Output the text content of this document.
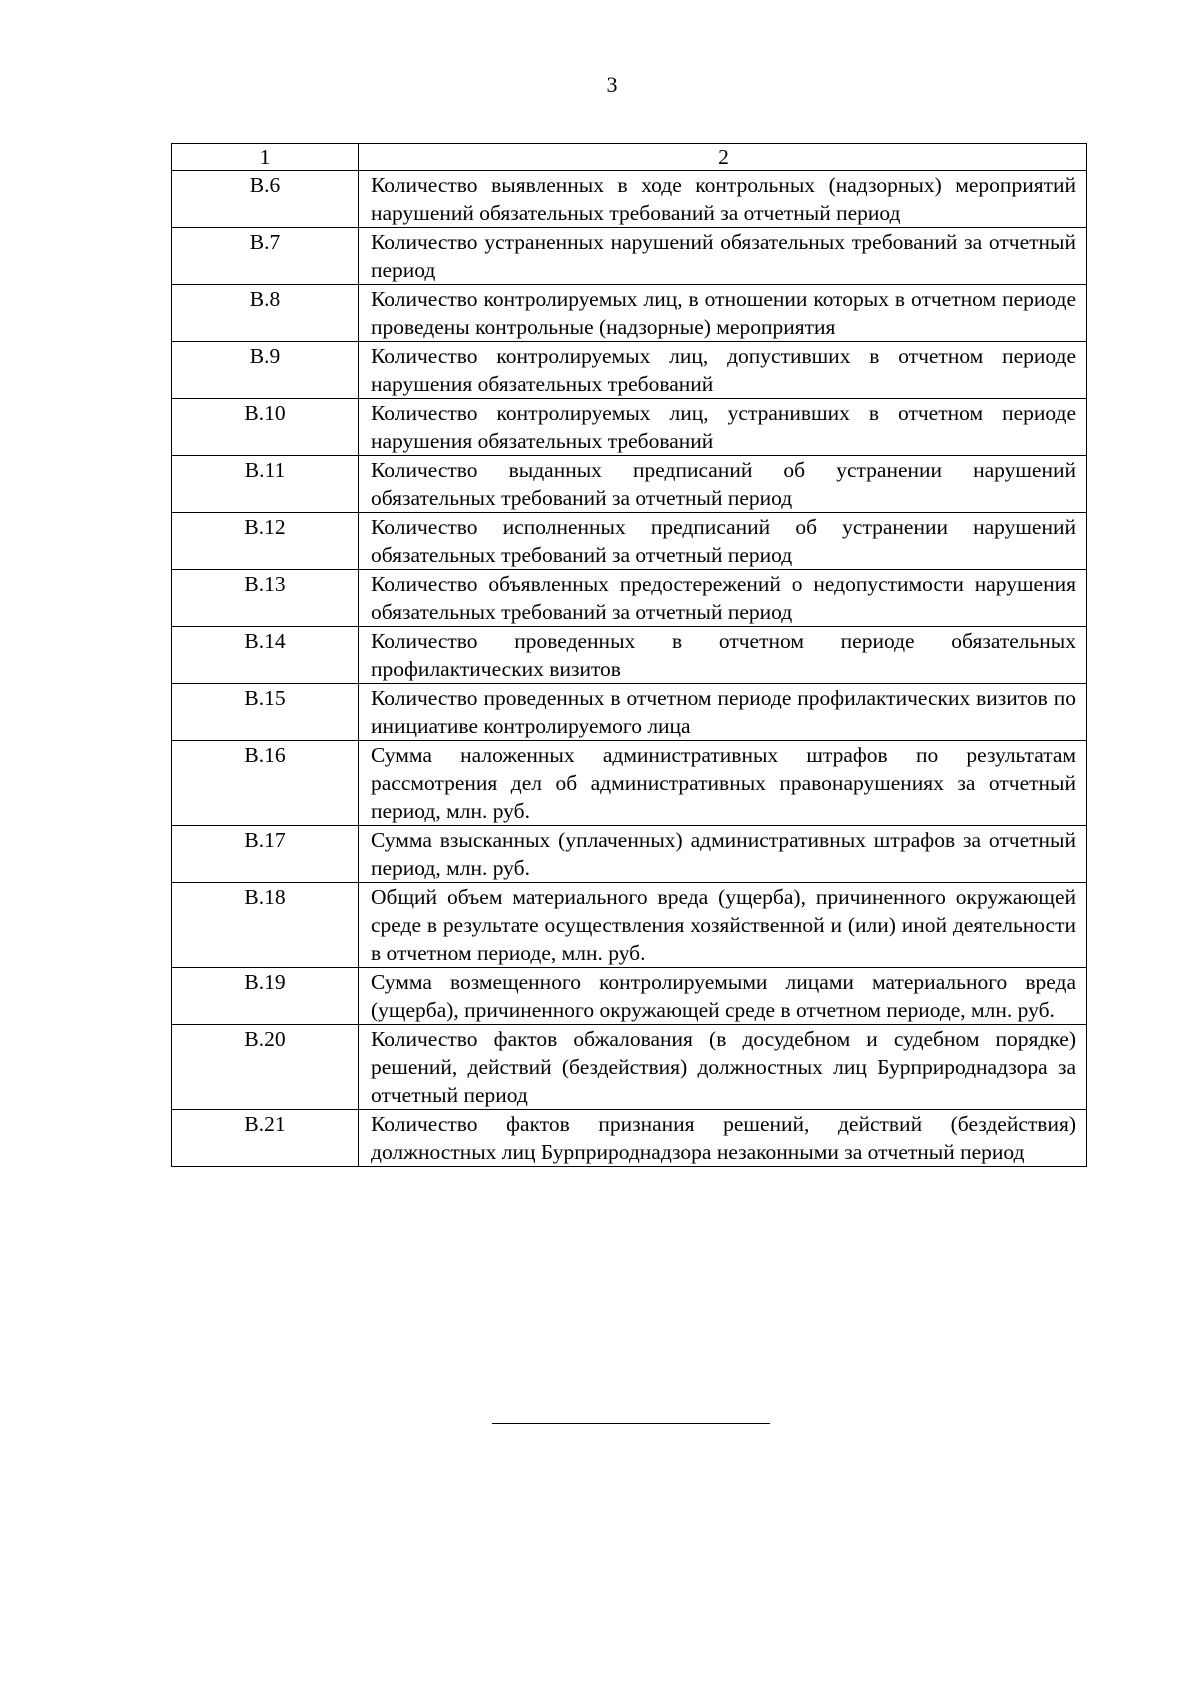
3
1	2
В.6	Количество выявленных в ходе контрольных (надзорных) мероприятий нарушений обязательных требований за отчетный период
В.7	Количество устраненных нарушений обязательных требований за отчетный период
В.8	Количество контролируемых лиц, в отношении которых в отчетном периоде проведены контрольные (надзорные) мероприятия
В.9	Количество контролируемых лиц, допустивших в отчетном периоде нарушения обязательных требований
В.10	Количество контролируемых лиц, устранивших в отчетном периоде нарушения обязательных требований
В.11	Количество выданных предписаний об устранении нарушений обязательных требований за отчетный период
В.12	Количество исполненных предписаний об устранении нарушений обязательных требований за отчетный период
В.13	Количество объявленных предостережений о недопустимости нарушения обязательных требований за отчетный период
В.14	Количество проведенных в отчетном периоде обязательных профилактических визитов
В.15	Количество проведенных в отчетном периоде профилактических визитов по инициативе контролируемого лица
В.16	Сумма наложенных административных штрафов по результатам рассмотрения дел об административных правонарушениях за отчетный период, млн. руб.
В.17	Сумма взысканных (уплаченных) административных штрафов за отчетный период, млн. руб.
В.18	Общий объем материального вреда (ущерба), причиненного окружающей среде в результате осуществления хозяйственной и (или) иной деятельности в отчетном периоде, млн. руб.
В.19	Сумма возмещенного контролируемыми лицами материального вреда (ущерба), причиненного окружающей среде в отчетном периоде, млн. руб.
В.20	Количество фактов обжалования (в досудебном и судебном порядке) решений, действий (бездействия) должностных лиц Бурприроднадзора за отчетный период
В.21	Количество фактов признания решений, действий (бездействия) должностных лиц Бурприроднадзора незаконными за отчетный период
